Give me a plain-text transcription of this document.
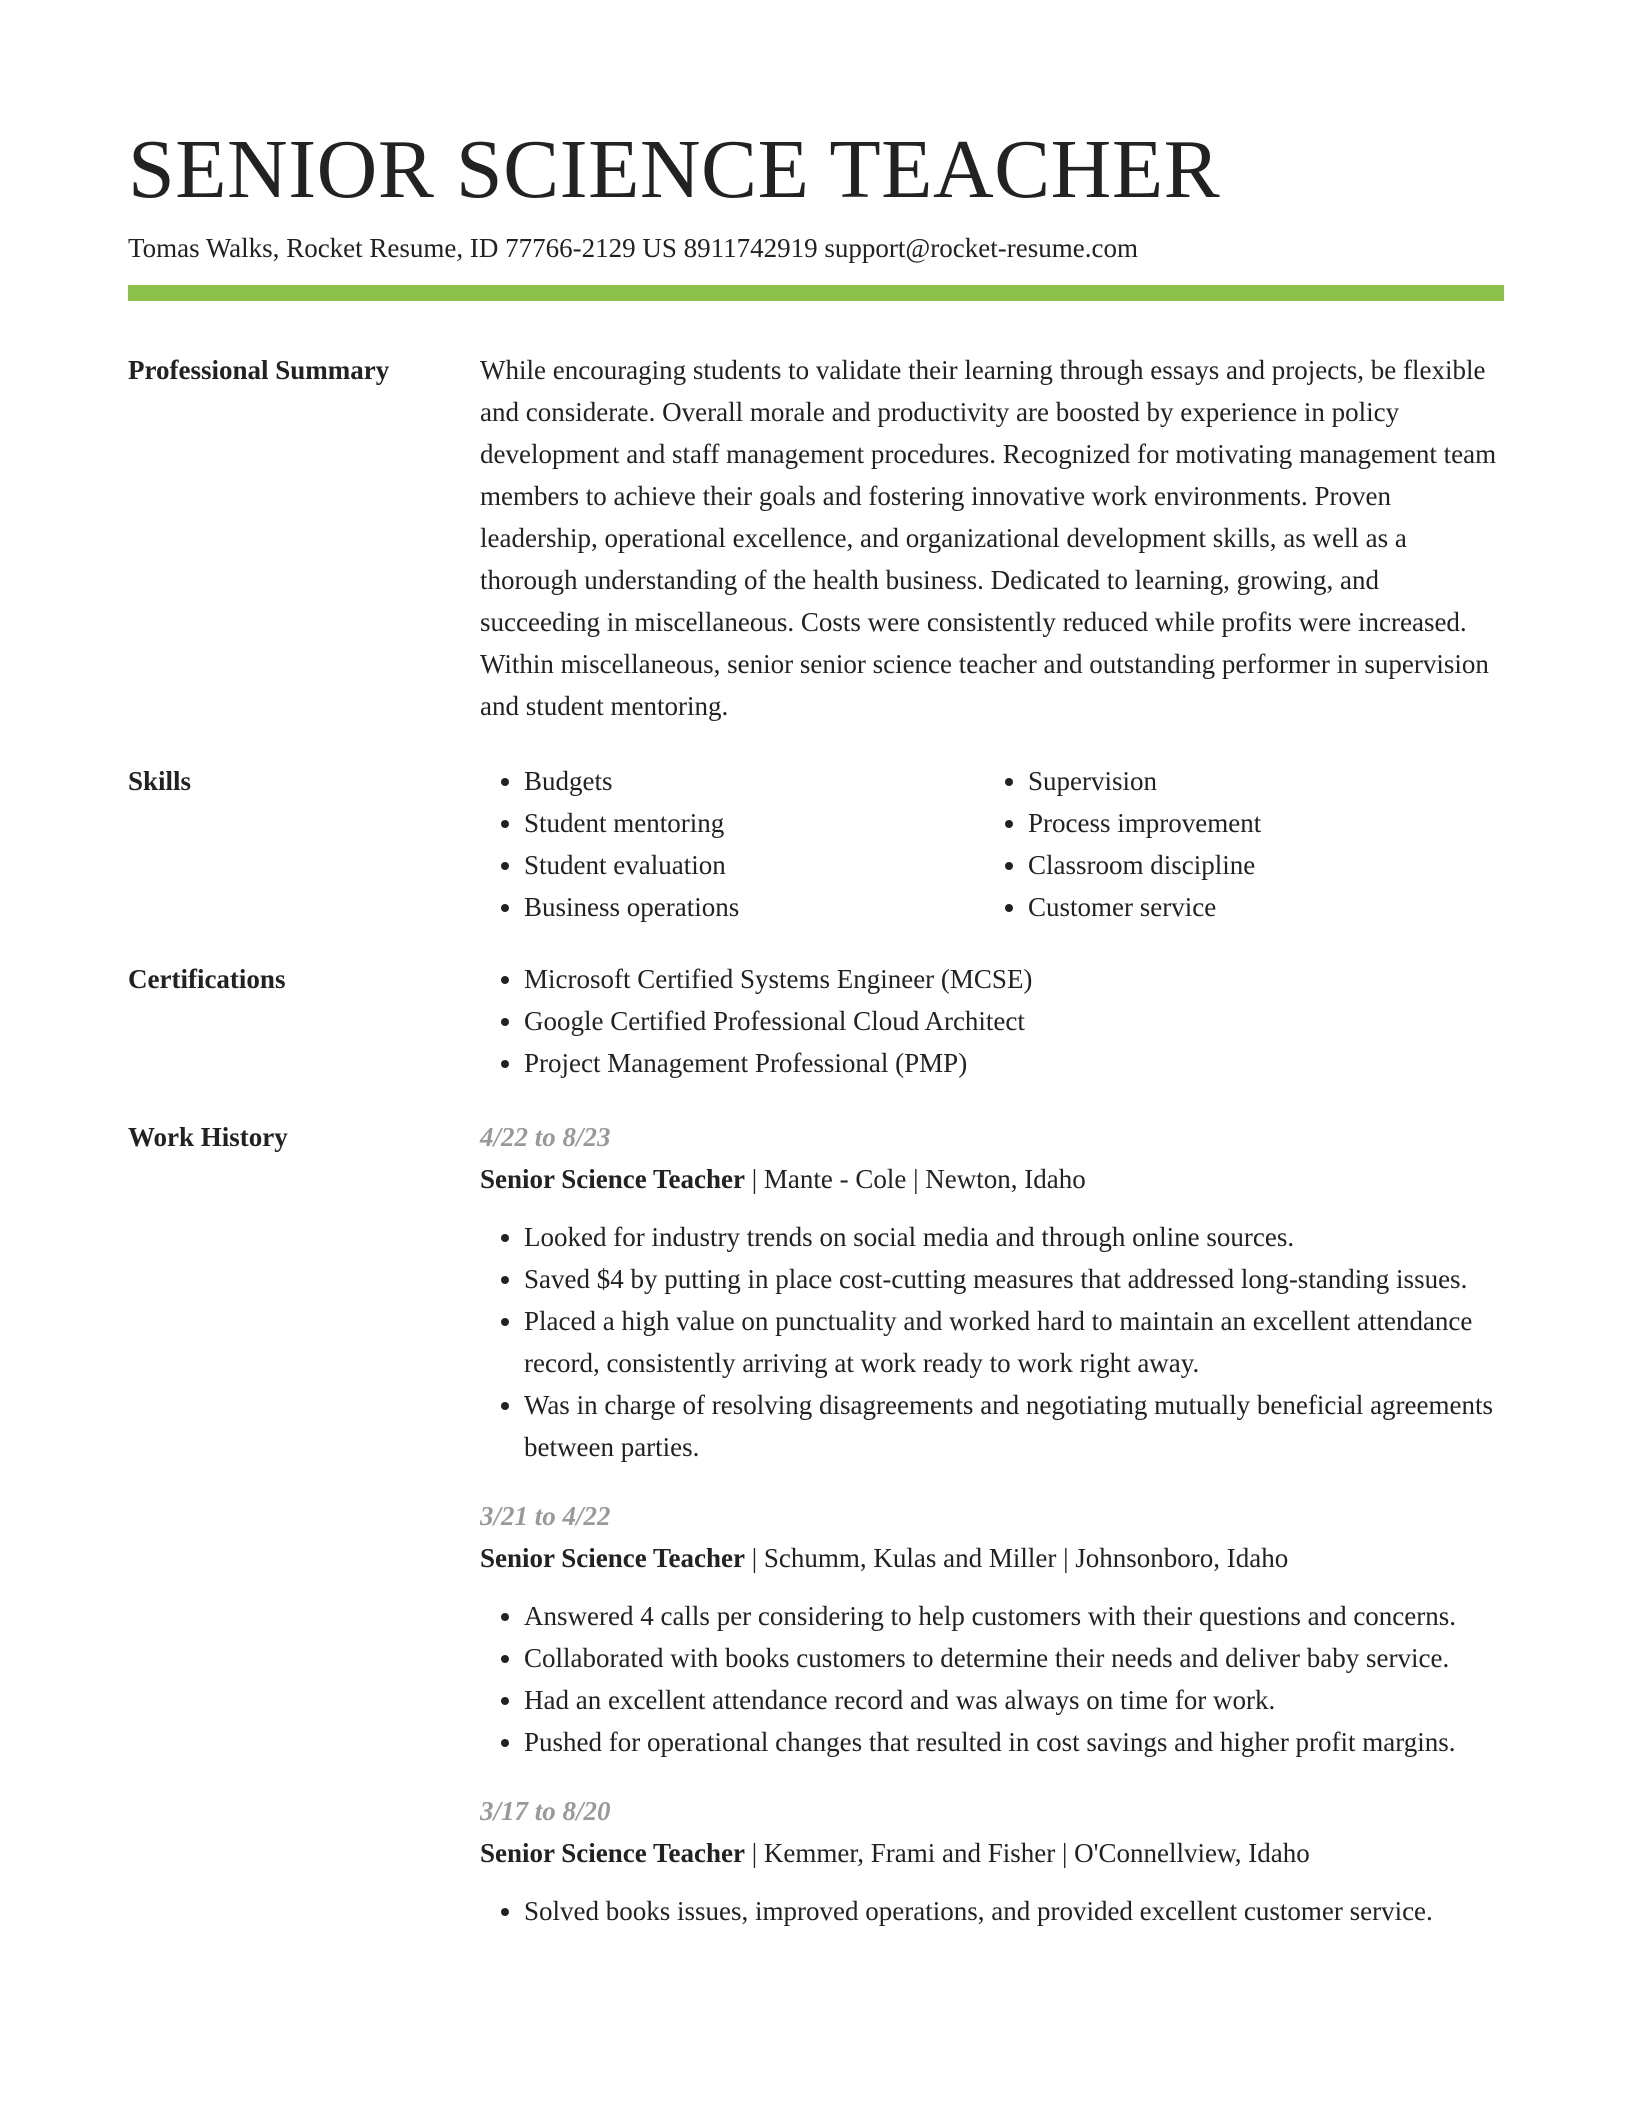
SENIOR SCIENCE TEACHER
Tomas Walks, Rocket Resume, ID 77766-2129 US 8911742919 support@rocket-resume.com
Professional Summary	While encouraging students to validate their learning through essays and projects, be flexible and considerate. Overall morale and productivity are boosted by experience in policy development and staff management procedures. Recognized for motivating management team members to achieve their goals and fostering innovative work environments. Proven leadership, operational excellence, and organizational development skills, as well as a thorough understanding of the health business. Dedicated to learning, growing, and succeeding in miscellaneous. Costs were consistently reduced while profits were increased. Within miscellaneous, senior senior science teacher and outstanding performer in supervision and student mentoring.

Skills	• Budgets
• Student mentoring
• Student evaluation
• Business operations
• Supervision
• Process improvement
• Classroom discipline
• Customer service
Certifications	• Microsoft Certified Systems Engineer (MCSE)
• Google Certified Professional Cloud Architect
• Project Management Professional (PMP)
Work History	4/22 to 8/23
Senior Science Teacher | Mante - Cole | Newton, Idaho
• Looked for industry trends on social media and through online sources.
• Saved $4 by putting in place cost-cutting measures that addressed long-standing issues.
• Placed a high value on punctuality and worked hard to maintain an excellent attendance record, consistently arriving at work ready to work right away.
• Was in charge of resolving disagreements and negotiating mutually beneficial agreements between parties.
3/21 to 4/22
Senior Science Teacher | Schumm, Kulas and Miller | Johnsonboro, Idaho
• Answered 4 calls per considering to help customers with their questions and concerns.
• Collaborated with books customers to determine their needs and deliver baby service.
• Had an excellent attendance record and was always on time for work.
• Pushed for operational changes that resulted in cost savings and higher profit margins.
3/17 to 8/20
Senior Science Teacher | Kemmer, Frami and Fisher | O'Connellview, Idaho
• Solved books issues, improved operations, and provided excellent customer service.
